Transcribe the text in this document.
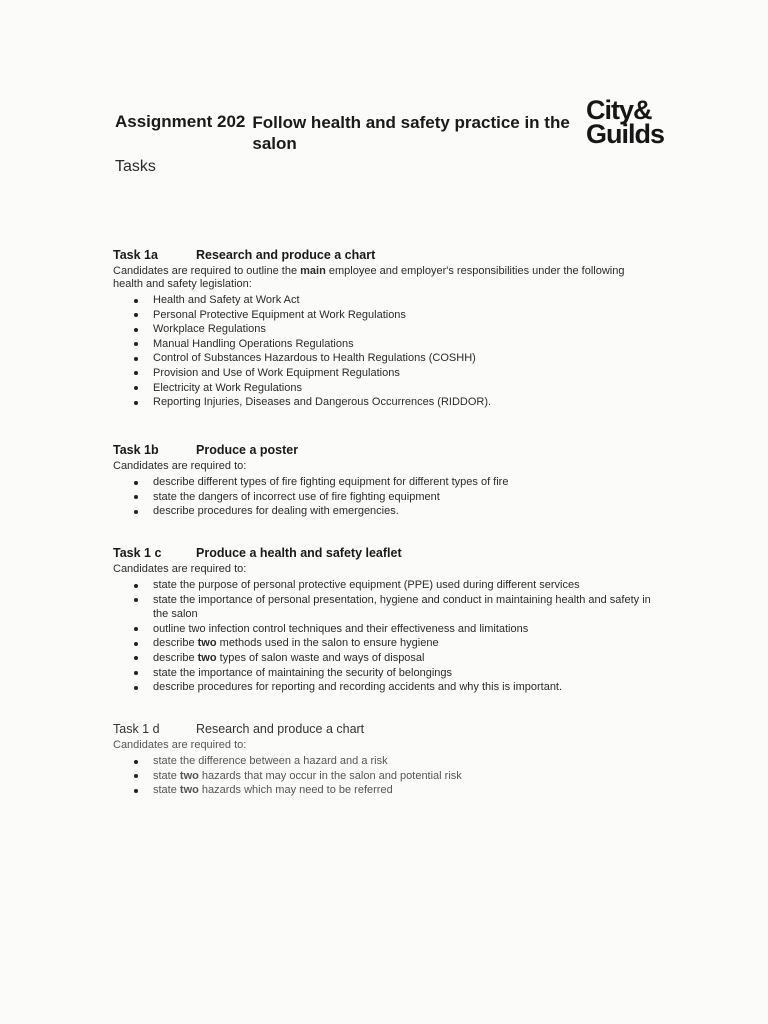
Assignment 202 Follow health and safety practice in the salon
Tasks
City&
Guilds
Task 1a	Research and produce a chart
Candidates are required to outline the main employee and employer's responsibilities under the following health and safety legislation:
Health and Safety at Work Act
Personal Protective Equipment at Work Regulations
Workplace Regulations
Manual Handling Operations Regulations
Control of Substances Hazardous to Health Regulations (COSHH)
Provision and Use of Work Equipment Regulations
Electricity at Work Regulations
Reporting Injuries, Diseases and Dangerous Occurrences (RIDDOR).
Task 1b	Produce a poster
Candidates are required to:
describe different types of fire fighting equipment for different types of fire
state the dangers of incorrect use of fire fighting equipment
describe procedures for dealing with emergencies.
Task 1 c	Produce a health and safety leaflet
Candidates are required to:
state the purpose of personal protective equipment (PPE) used during different services
state the importance of personal presentation, hygiene and conduct in maintaining health and safety in the salon
outline two infection control techniques and their effectiveness and limitations
describe two methods used in the salon to ensure hygiene
describe two types of salon waste and ways of disposal
state the importance of maintaining the security of belongings
describe procedures for reporting and recording accidents and why this is important.
Task 1 d	Research and produce a chart
Candidates are required to:
state the difference between a hazard and a risk
state two hazards that may occur in the salon and potential risk
state two hazards which may need to be referred
